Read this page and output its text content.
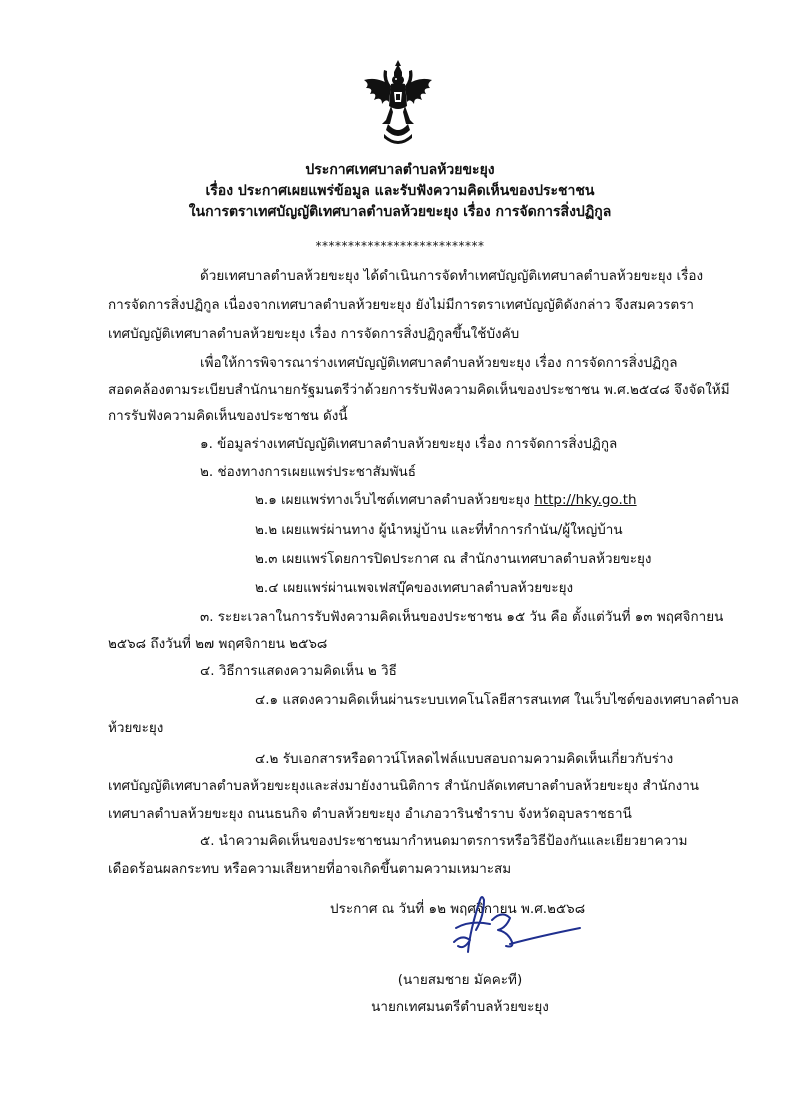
ประกาศเทศบาลตำบลห้วยขะยุง
เรื่อง ประกาศเผยแพร่ข้อมูล และรับฟังความคิดเห็นของประชาชน
ในการตราเทศบัญญัติเทศบาลตำบลห้วยขะยุง เรื่อง การจัดการสิ่งปฏิกูล
**************************
ด้วยเทศบาลตำบลห้วยขะยุง ได้ดำเนินการจัดทำเทศบัญญัติเทศบาลตำบลห้วยขะยุง เรื่อง
การจัดการสิ่งปฏิกูล เนื่องจากเทศบาลตำบลห้วยขะยุง ยังไม่มีการตราเทศบัญญัติดังกล่าว จึงสมควรตรา
เทศบัญญัติเทศบาลตำบลห้วยขะยุง เรื่อง การจัดการสิ่งปฏิกูลขึ้นใช้บังคับ
เพื่อให้การพิจารณาร่างเทศบัญญัติเทศบาลตำบลห้วยขะยุง เรื่อง การจัดการสิ่งปฏิกูล
สอดคล้องตามระเบียบสำนักนายกรัฐมนตรีว่าด้วยการรับฟังความคิดเห็นของประชาชน พ.ศ.๒๕๔๘ จึงจัดให้มี
การรับฟังความคิดเห็นของประชาชน ดังนี้
๑. ข้อมูลร่างเทศบัญญัติเทศบาลตำบลห้วยขะยุง เรื่อง การจัดการสิ่งปฏิกูล
๒. ช่องทางการเผยแพร่ประชาสัมพันธ์
๒.๑ เผยแพร่ทางเว็บไซต์เทศบาลตำบลห้วยขะยุง http://hky.go.th
๒.๒ เผยแพร่ผ่านทาง ผู้นำหมู่บ้าน และที่ทำการกำนัน/ผู้ใหญ่บ้าน
๒.๓ เผยแพร่โดยการปิดประกาศ ณ สำนักงานเทศบาลตำบลห้วยขะยุง
๒.๔ เผยแพร่ผ่านเพจเฟสบุ๊คของเทศบาลตำบลห้วยขะยุง
๓. ระยะเวลาในการรับฟังความคิดเห็นของประชาชน ๑๕ วัน คือ ตั้งแต่วันที่ ๑๓ พฤศจิกายน
๒๕๖๘ ถึงวันที่ ๒๗ พฤศจิกายน ๒๕๖๘
๔. วิธีการแสดงความคิดเห็น ๒ วิธี
๔.๑ แสดงความคิดเห็นผ่านระบบเทคโนโลยีสารสนเทศ ในเว็บไซต์ของเทศบาลตำบล
ห้วยขะยุง
๔.๒ รับเอกสารหรือดาวน์โหลดไฟล์แบบสอบถามความคิดเห็นเกี่ยวกับร่าง
เทศบัญญัติเทศบาลตำบลห้วยขะยุงและส่งมายังงานนิติการ สำนักปลัดเทศบาลตำบลห้วยขะยุง สำนักงาน
เทศบาลตำบลห้วยขะยุง ถนนธนกิจ ตำบลห้วยขะยุง อำเภอวารินชำราบ จังหวัดอุบลราชธานี
๕. นำความคิดเห็นของประชาชนมากำหนดมาตรการหรือวิธีป้องกันและเยียวยาความ
เดือดร้อนผลกระทบ หรือความเสียหายที่อาจเกิดขึ้นตามความเหมาะสม
ประกาศ ณ วันที่ ๑๒ พฤศจิกายน พ.ศ.๒๕๖๘
(นายสมชาย มัคคะที)
นายกเทศมนตรีตำบลห้วยขะยุง
